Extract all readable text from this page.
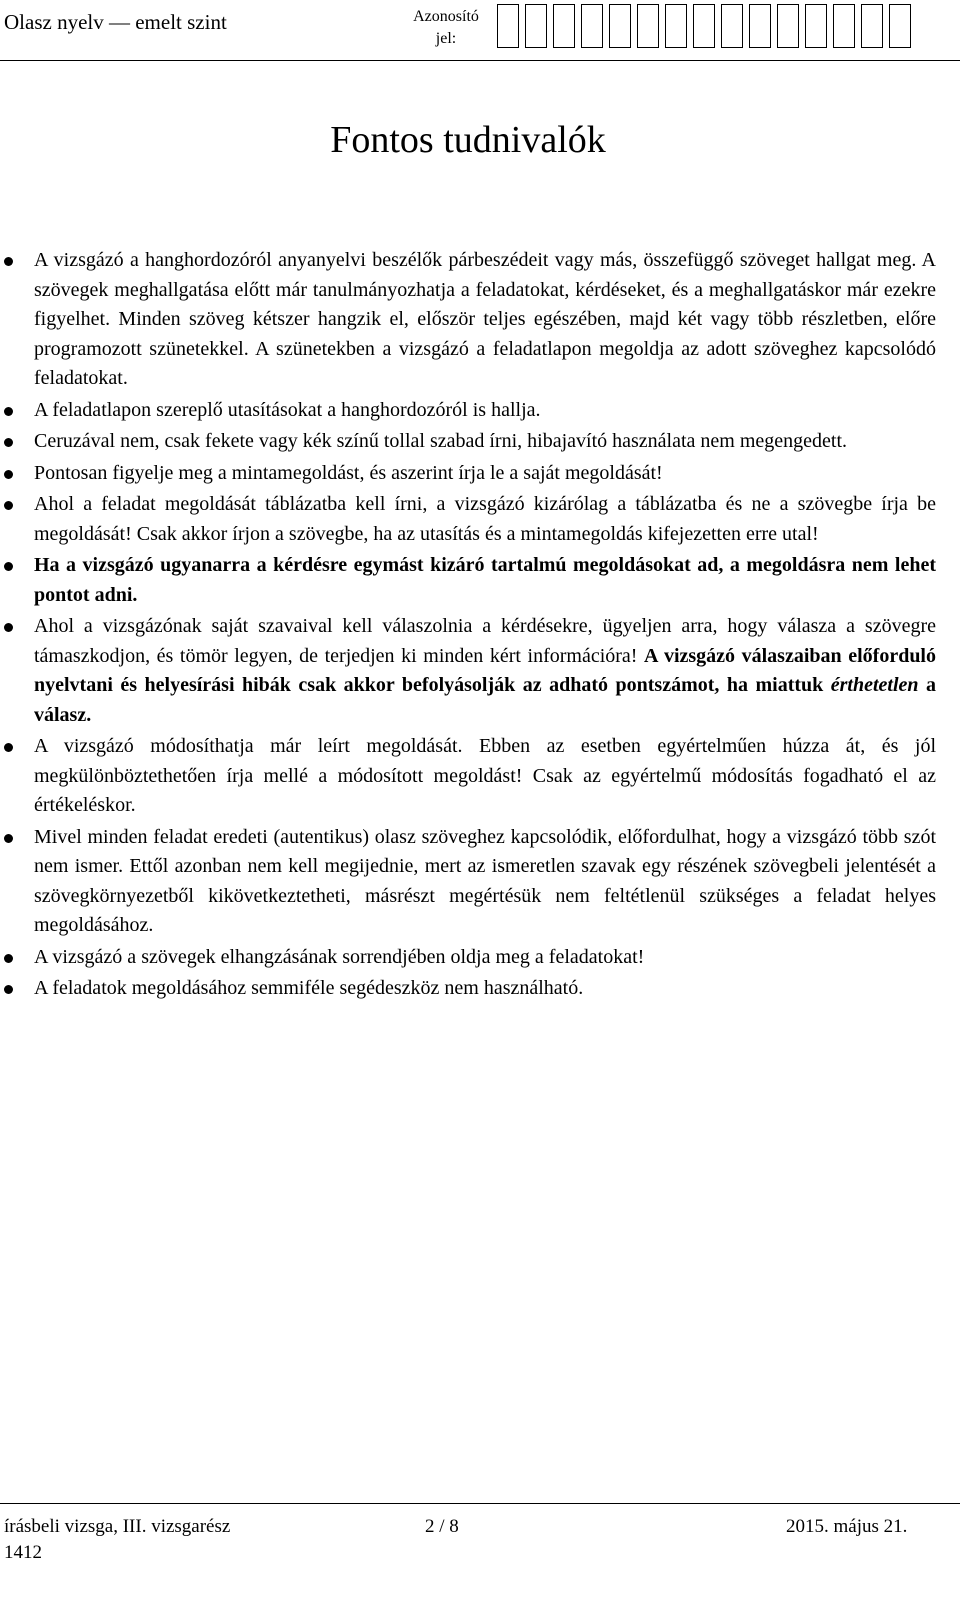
Olasz nyelv — emelt szint	Azonosító
jel:
Fontos tudnivalók
A vizsgázó a hanghordozóról anyanyelvi beszélők párbeszédeit vagy más, összefüggő szöveget hallgat meg. A szövegek meghallgatása előtt már tanulmányozhatja a feladatokat, kérdéseket, és a meghallgatáskor már ezekre figyelhet. Minden szöveg kétszer hangzik el, először teljes egészében, majd két vagy több részletben, előre programozott szünetekkel. A szünetekben a vizsgázó a feladatlapon megoldja az adott szöveghez kapcsolódó feladatokat.
A feladatlapon szereplő utasításokat a hanghordozóról is hallja.
Ceruzával nem, csak fekete vagy kék színű tollal szabad írni, hibajavító használata nem megengedett.
Pontosan figyelje meg a mintamegoldást, és aszerint írja le a saját megoldását!
Ahol a feladat megoldását táblázatba kell írni, a vizsgázó kizárólag a táblázatba és ne a szövegbe írja be megoldását! Csak akkor írjon a szövegbe, ha az utasítás és a mintamegoldás kifejezetten erre utal!
Ha a vizsgázó ugyanarra a kérdésre egymást kizáró tartalmú megoldásokat ad, a megoldásra nem lehet pontot adni.
Ahol a vizsgázónak saját szavaival kell válaszolnia a kérdésekre, ügyeljen arra, hogy válasza a szövegre támaszkodjon, és tömör legyen, de terjedjen ki minden kért információra! A vizsgázó válaszaiban előforduló nyelvtani és helyesírási hibák csak akkor befolyásolják az adható pontszámot, ha miattuk érthetetlen a válasz.
A vizsgázó módosíthatja már leírt megoldását. Ebben az esetben egyértelműen húzza át, és jól megkülönböztethetően írja mellé a módosított megoldást! Csak az egyértelmű módosítás fogadható el az értékeléskor.
Mivel minden feladat eredeti (autentikus) olasz szöveghez kapcsolódik, előfordulhat, hogy a vizsgázó több szót nem ismer. Ettől azonban nem kell megijednie, mert az ismeretlen szavak egy részének szövegbeli jelentését a szövegkörnyezetből kikövetkeztetheti, másrészt megértésük nem feltétlenül szükséges a feladat helyes megoldásához.
A vizsgázó a szövegek elhangzásának sorrendjében oldja meg a feladatokat!
A feladatok megoldásához semmiféle segédeszköz nem használható.
írásbeli vizsga, III. vizsgarész	2 / 8	2015. május 21.
1412
